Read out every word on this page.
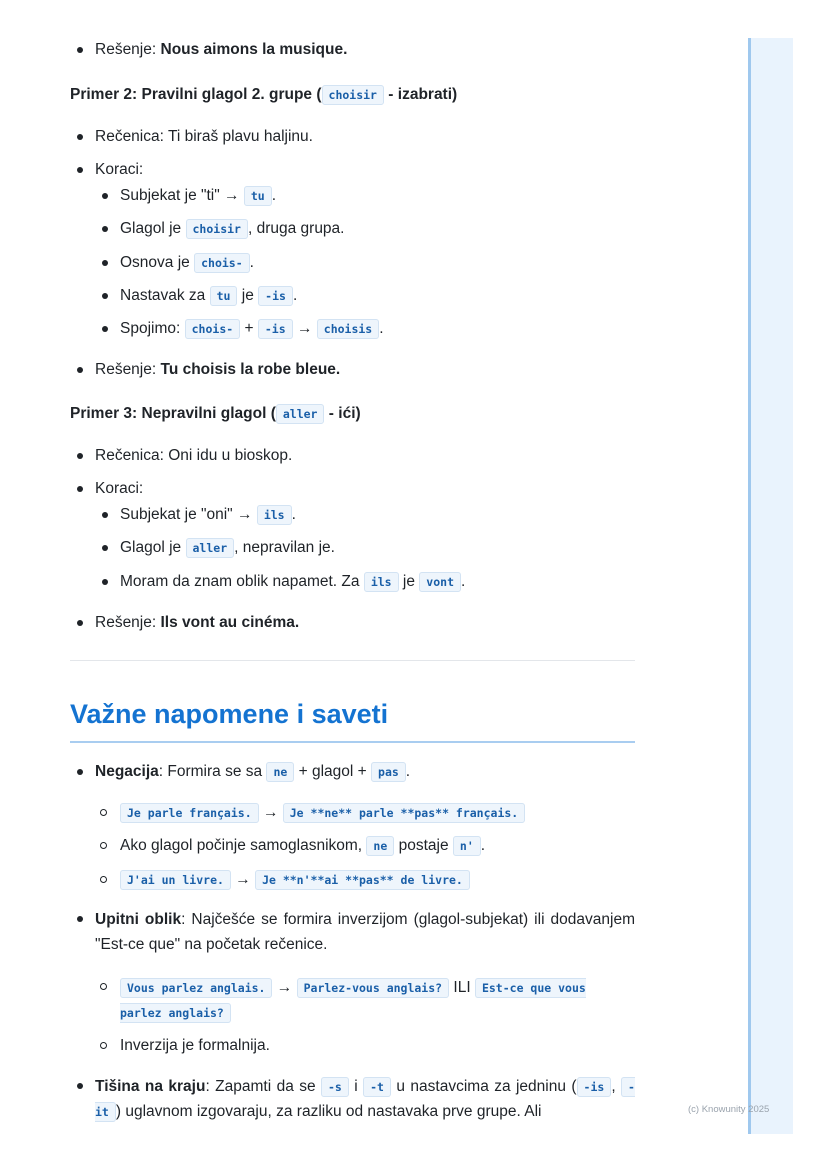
(c) Knowunity 2025
Rešenje: Nous aimons la musique.
Primer 2: Pravilni glagol 2. grupe ( choisir - izabrati)
Rečenica: Ti biraš plavu haljinu.
Koraci:
Subjekat je "ti" → tu .
Glagol je choisir , druga grupa.
Osnova je chois- .
Nastavak za tu je -is .
Spojimo: chois- + -is → choisis .
Rešenje: Tu choisis la robe bleue.
Primer 3: Nepravilni glagol ( aller - ići)
Rečenica: Oni idu u bioskop.
Koraci:
Subjekat je "oni" → ils .
Glagol je aller , nepravilan je.
Moram da znam oblik napamet. Za ils je vont .
Rešenje: Ils vont au cinéma.
Važne napomene i saveti
Negacija: Formira se sa ne + glagol + pas .
Je parle français. → Je **ne** parle **pas** français.
Ako glagol počinje samoglasnikom, ne postaje n' .
J'ai un livre. → Je **n'**ai **pas** de livre.
Upitni oblik: Najčešće se formira inverzijom (glagol-subjekat) ili dodavanjem "Est-ce que" na početak rečenice.
Vous parlez anglais. → Parlez-vous anglais? ILI Est-ce que vous parlez anglais?
Inverzija je formalnija.
Tišina na kraju: Zapamti da se -s i -t u nastavcima za jedninu ( -is , -it ) uglavnom izgovaraju, za razliku od nastavaka prve grupe. Ali
